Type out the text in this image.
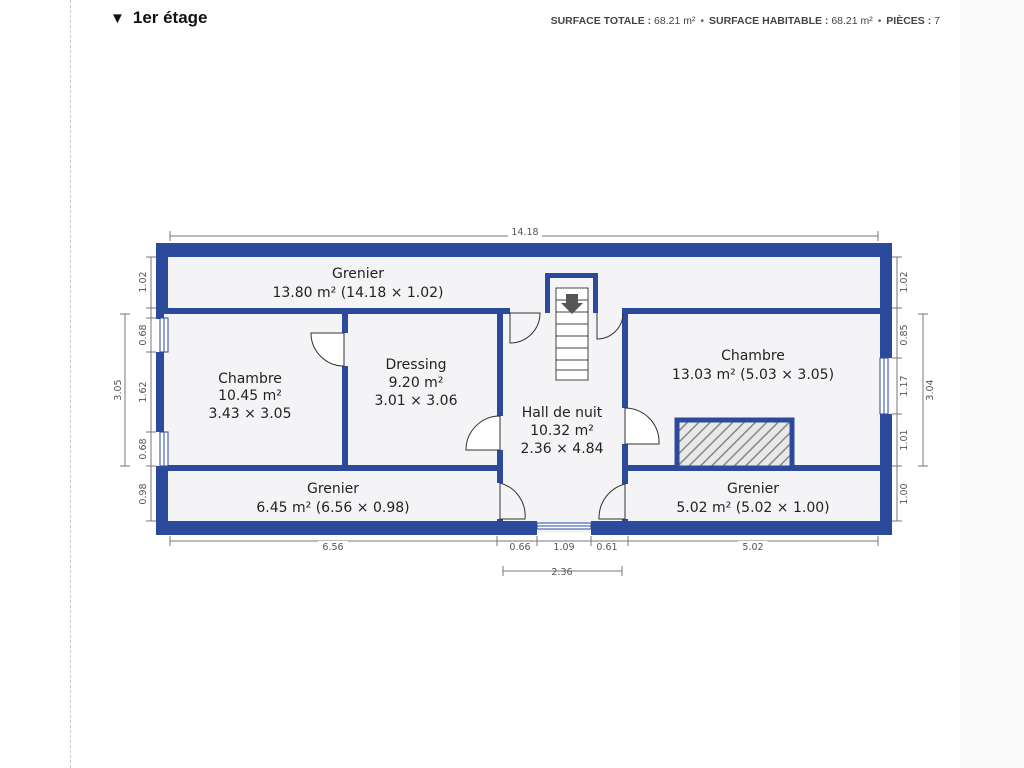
▼ 1er étage	SURFACE TOTALE : 68.21 m² • SURFACE HABITABLE : 68.21 m² • PIÈCES : 7
Grenier
13.80 m² (14.18 × 1.02)
Chambre
10.45 m²
3.43 × 3.05
Dressing
9.20 m²
3.01 × 3.06
Hall de nuit
10.32 m²
2.36 × 4.84
Chambre
13.03 m² (5.03 × 3.05)
Grenier
6.45 m² (6.56 × 0.98)
Grenier
5.02 m² (5.02 × 1.00)
14.18
1.02
0.68
1.62
0.68
0.98
3.05
1.02
0.85
1.17
1.01
1.00
3.04
6.56	0.66 1.09 0.61	5.02
2.36
